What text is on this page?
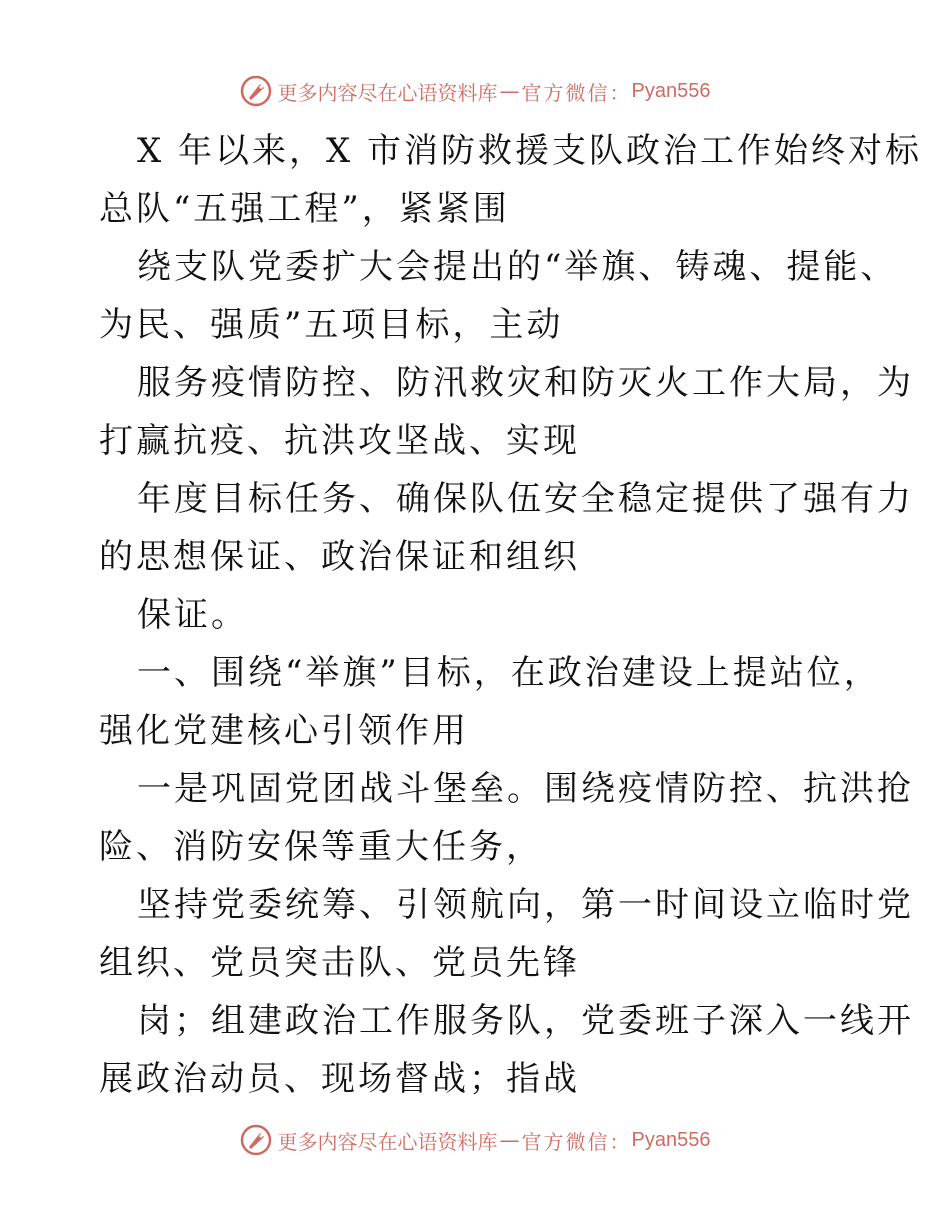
更多内容尽在心语资料库 — 官方微信： Pyan556

X 年以来，X 市消防救援支队政治工作始终对标

总队“五强工程”，紧紧围

绕支队党委扩大会提出的“举旗、铸魂、提能、

为民、强质”五项目标，主动

服务疫情防控、防汛救灾和防灭火工作大局，为

打赢抗疫、抗洪攻坚战、实现

年度目标任务、确保队伍安全稳定提供了强有力

的思想保证、政治保证和组织

保证。

一、围绕“举旗”目标，在政治建设上提站位，

强化党建核心引领作用

一是巩固党团战斗堡垒。围绕疫情防控、抗洪抢

险、消防安保等重大任务，

坚持党委统筹、引领航向，第一时间设立临时党

组织、党员突击队、党员先锋

岗；组建政治工作服务队，党委班子深入一线开

展政治动员、现场督战；指战

更多内容尽在心语资料库 — 官方微信： Pyan556
